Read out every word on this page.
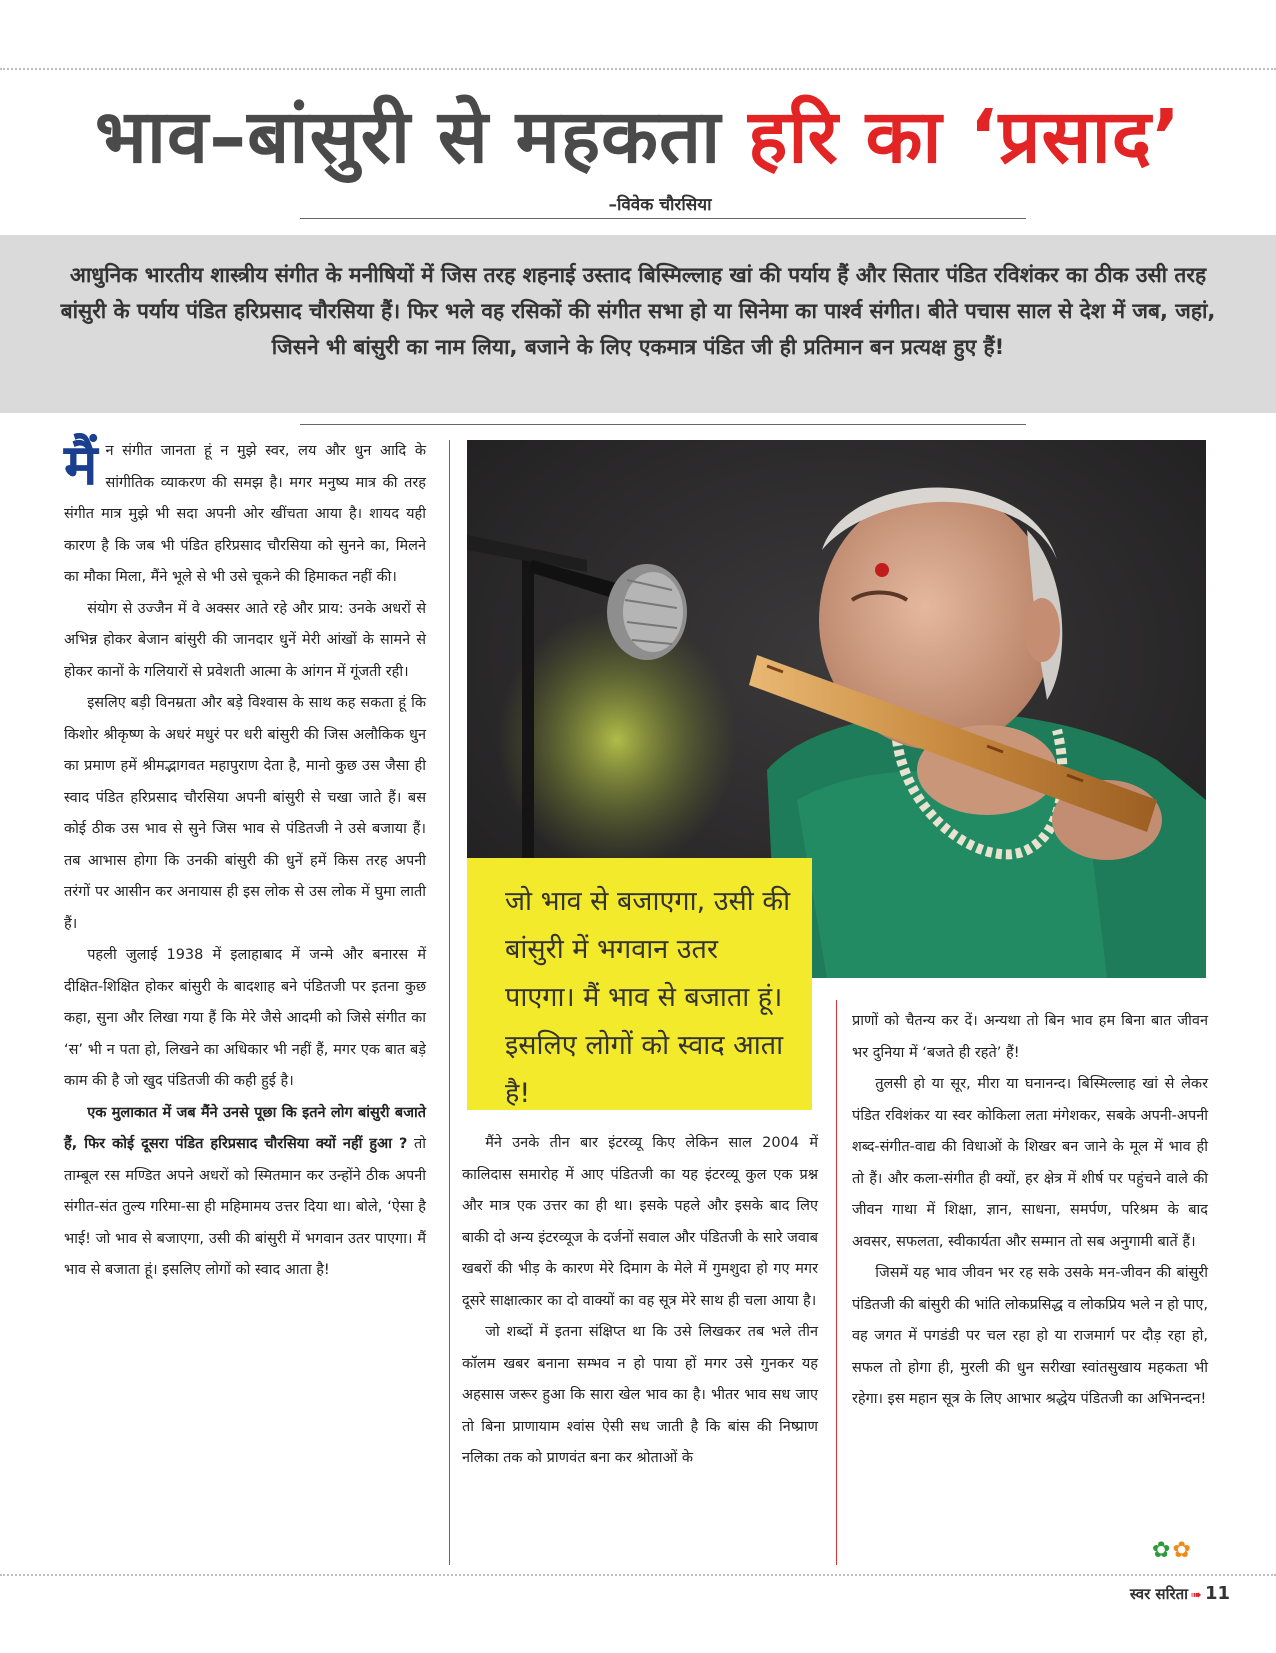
भाव–बांसुरी से महकता हरि का ‘प्रसाद’
–विवेक चौरसिया
आधुनिक भारतीय शास्त्रीय संगीत के मनीषियों में जिस तरह शहनाई उस्ताद बिस्मिल्लाह खां की पर्याय हैं और सितार पंडित रविशंकर का ठीक उसी तरह बांसुरी के पर्याय पंडित हरिप्रसाद चौरसिया हैं। फिर भले वह रसिकों की संगीत सभा हो या सिनेमा का पार्श्व संगीत। बीते पचास साल से देश में जब, जहां, जिसने भी बांसुरी का नाम लिया, बजाने के लिए एकमात्र पंडित जी ही प्रतिमान बन प्रत्यक्ष हुए हैं!

मैं न संगीत जानता हूं न मुझे स्वर, लय और धुन आदि के सांगीतिक व्याकरण की समझ है। मगर मनुष्य मात्र की तरह संगीत मात्र मुझे भी सदा अपनी ओर खींचता आया है। शायद यही कारण है कि जब भी पंडित हरिप्रसाद चौरसिया को सुनने का, मिलने का मौका मिला, मैंने भूले से भी उसे चूकने की हिमाकत नहीं की।

संयोग से उज्जैन में वे अक्सर आते रहे और प्राय: उनके अधरों से अभिन्न होकर बेजान बांसुरी की जानदार धुनें मेरी आंखों के सामने से होकर कानों के गलियारों से प्रवेशती आत्मा के आंगन में गूंजती रही।

इसलिए बड़ी विनम्रता और बड़े विश्वास के साथ कह सकता हूं कि किशोर श्रीकृष्ण के अधरं मधुरं पर धरी बांसुरी की जिस अलौकिक धुन का प्रमाण हमें श्रीमद्भागवत महापुराण देता है, मानो कुछ उस जैसा ही स्वाद पंडित हरिप्रसाद चौरसिया अपनी बांसुरी से चखा जाते हैं। बस कोई ठीक उस भाव से सुने जिस भाव से पंडितजी ने उसे बजाया हैं। तब आभास होगा कि उनकी बांसुरी की धुनें हमें किस तरह अपनी तरंगों पर आसीन कर अनायास ही इस लोक से उस लोक में घुमा लाती हैं।

पहली जुलाई 1938 में इलाहाबाद में जन्मे और बनारस में दीक्षित-शिक्षित होकर बांसुरी के बादशाह बने पंडितजी पर इतना कुछ कहा, सुना और लिखा गया हैं कि मेरे जैसे आदमी को जिसे संगीत का ‘स’ भी न पता हो, लिखने का अधिकार भी नहीं हैं, मगर एक बात बड़े काम की है जो खुद पंडितजी की कही हुई है।

एक मुलाकात में जब मैंने उनसे पूछा कि इतने लोग बांसुरी बजाते हैं, फिर कोई दूसरा पंडित हरिप्रसाद चौरसिया क्यों नहीं हुआ ? तो ताम्बूल रस मण्डित अपने अधरों को स्मितमान कर उन्होंने ठीक अपनी संगीत-संत तुल्य गरिमा-सा ही महिमामय उत्तर दिया था। बोले, ‘ऐसा है भाई! जो भाव से बजाएगा, उसी की बांसुरी में भगवान उतर पाएगा। मैं भाव से बजाता हूं। इसलिए लोगों को स्वाद आता है!

जो भाव से बजाएगा, उसी की बांसुरी में भगवान उतर पाएगा। मैं भाव से बजाता हूं। इसलिए लोगों को स्वाद आता है!

मैंने उनके तीन बार इंटरव्यू किए लेकिन साल 2004 में कालिदास समारोह में आए पंडितजी का यह इंटरव्यू कुल एक प्रश्न और मात्र एक उत्तर का ही था। इसके पहले और इसके बाद लिए बाकी दो अन्य इंटरव्यूज के दर्जनों सवाल और पंडितजी के सारे जवाब खबरों की भीड़ के कारण मेरे दिमाग के मेले में गुमशुदा हो गए मगर दूसरे साक्षात्कार का दो वाक्यों का वह सूत्र मेरे साथ ही चला आया है।

जो शब्दों में इतना संक्षिप्त था कि उसे लिखकर तब भले तीन कॉलम खबर बनाना सम्भव न हो पाया हों मगर उसे गुनकर यह अहसास जरूर हुआ कि सारा खेल भाव का है। भीतर भाव सध जाए तो बिना प्राणायाम श्वांस ऐसी सध जाती है कि बांस की निष्प्राण नलिका तक को प्राणवंत बना कर श्रोताओं के

प्राणों को चैतन्य कर दें। अन्यथा तो बिन भाव हम बिना बात जीवन भर दुनिया में ‘बजते ही रहते’ हैं!

तुलसी हो या सूर, मीरा या घनानन्द। बिस्मिल्लाह खां से लेकर पंडित रविशंकर या स्वर कोकिला लता मंगेशकर, सबके अपनी-अपनी शब्द-संगीत-वाद्य की विधाओं के शिखर बन जाने के मूल में भाव ही तो हैं। और कला-संगीत ही क्यों, हर क्षेत्र में शीर्ष पर पहुंचने वाले की जीवन गाथा में शिक्षा, ज्ञान, साधना, समर्पण, परिश्रम के बाद अवसर, सफलता, स्वीकार्यता और सम्मान तो सब अनुगामी बातें हैं।

जिसमें यह भाव जीवन भर रह सके उसके मन-जीवन की बांसुरी पंडितजी की बांसुरी की भांति लोकप्रसिद्ध व लोकप्रिय भले न हो पाए, वह जगत में पगडंडी पर चल रहा हो या राजमार्ग पर दौड़ रहा हो, सफल तो होगा ही, मुरली की धुन सरीखा स्वांतसुखाय महकता भी रहेगा। इस महान सूत्र के लिए आभार श्रद्धेय पंडितजी का अभिनन्दन!

✿✿
स्वर सरिता ➠ 11
